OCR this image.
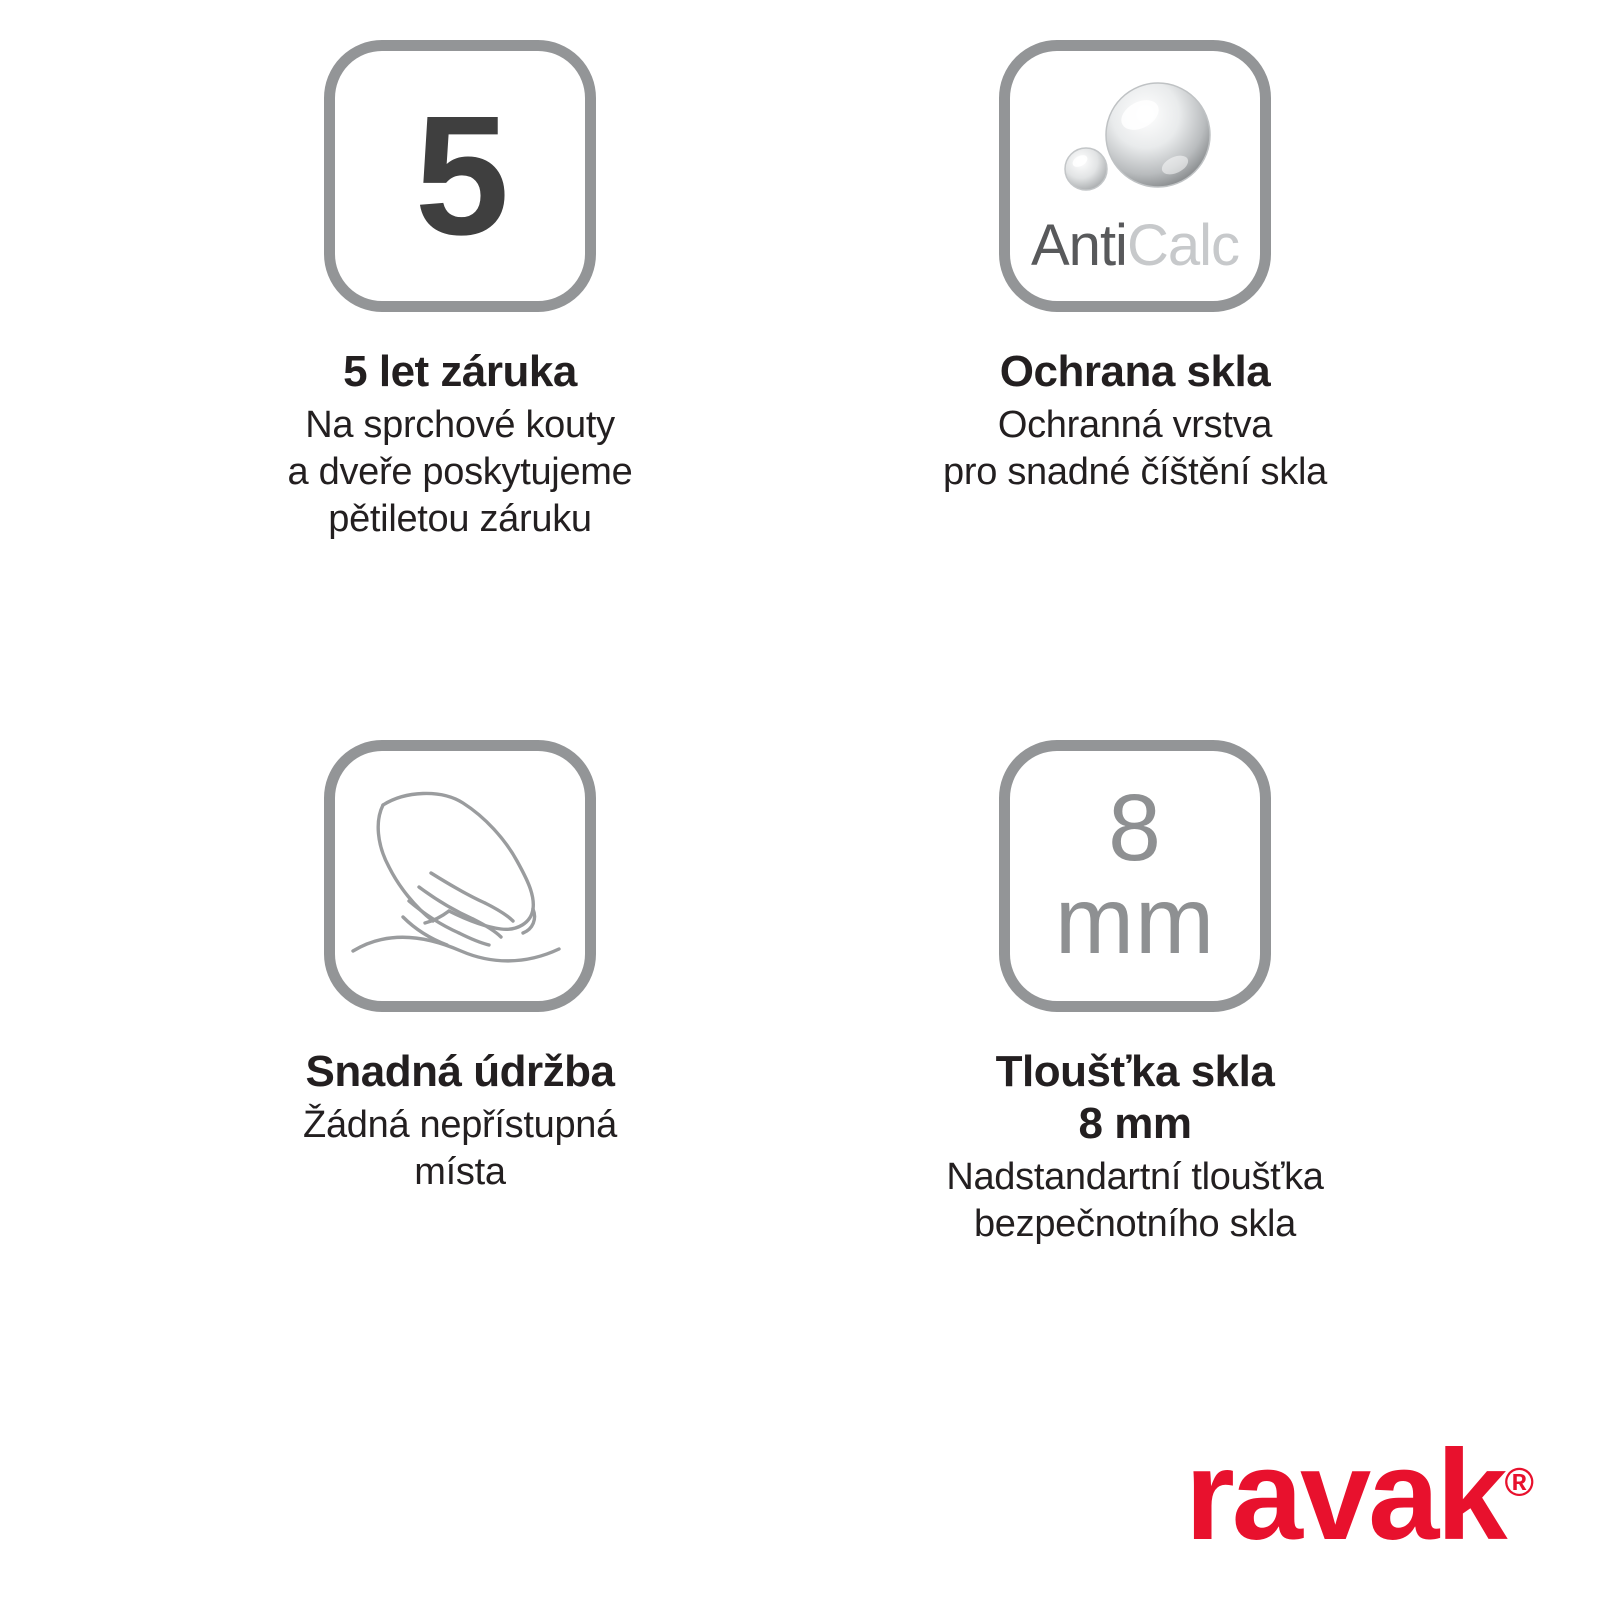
5
5 let záruka

Na sprchové kouty
a dveře poskytujeme
pětiletou záruku

AntiCalc
Ochrana skla

Ochranná vrstva
pro snadné číštění skla

Snadná údržba

Žádná nepřístupná
místa

8
mm
Tloušťka skla
8 mm

Nadstandartní tloušťka
bezpečnotního skla

ravak®
